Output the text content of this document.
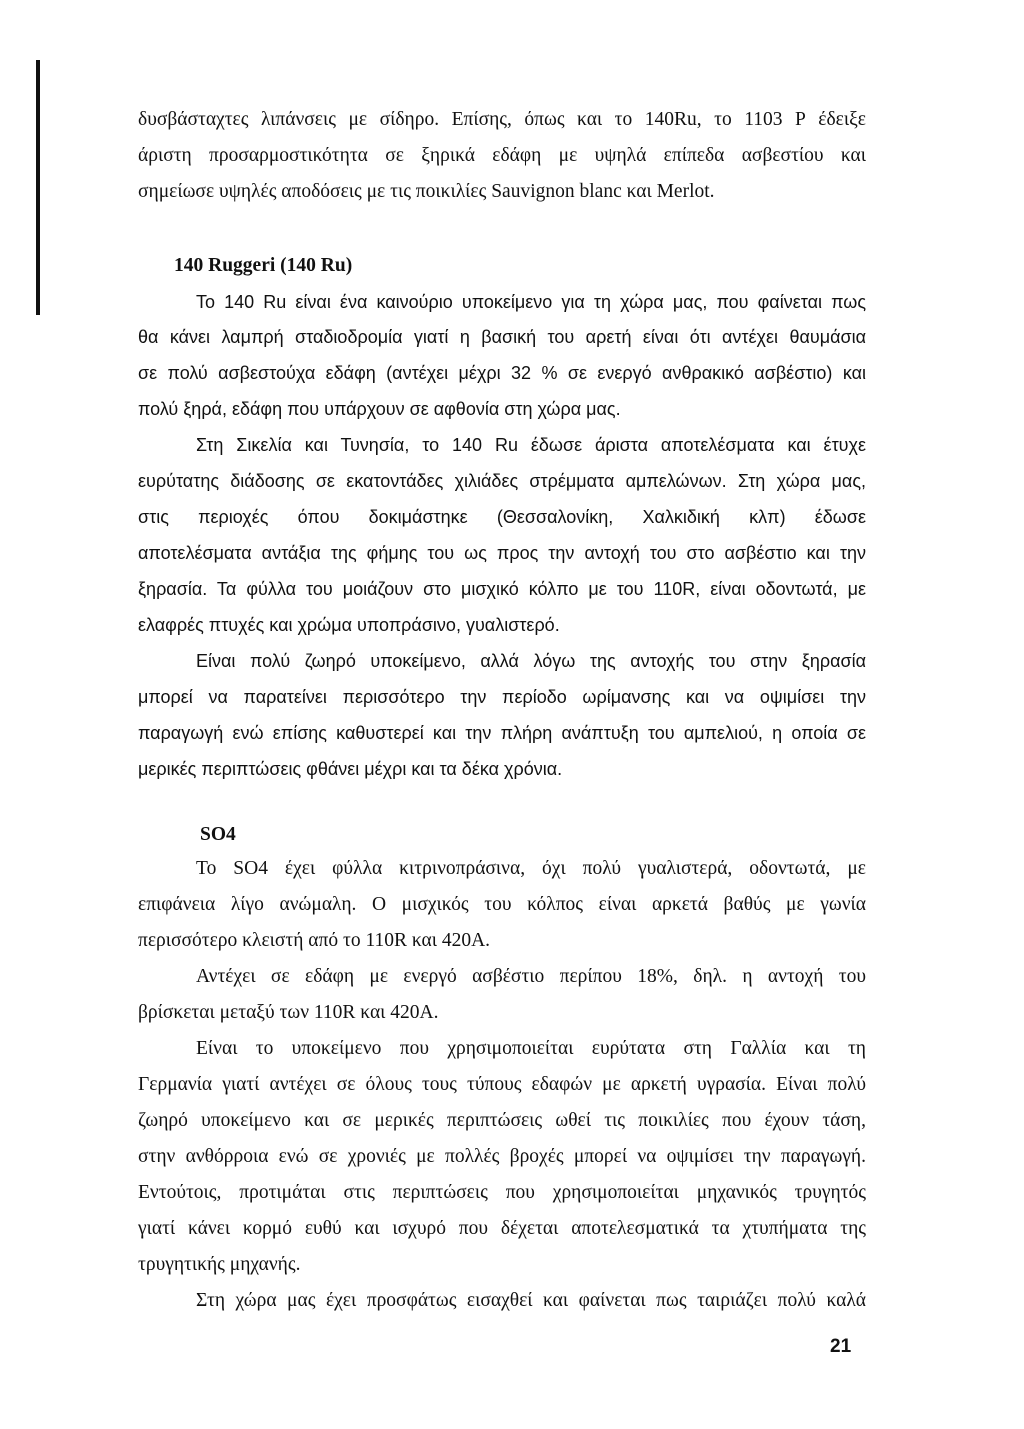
δυσβάσταχτες λιπάνσεις με σίδηρο. Επίσης, όπως και το 140Ru, το 1103 Ρ έδειξε
άριστη προσαρμοστικότητα σε ξηρικά εδάφη με υψηλά επίπεδα ασβεστίου και
σημείωσε υψηλές αποδόσεις με τις ποικιλίες Sauvignon blanc και Merlot.
140 Ruggeri (140 Ru)
Το 140 Ru είναι ένα καινούριο υποκείμενο για τη χώρα μας, που φαίνεται πως
θα κάνει λαμπρή σταδιοδρομία γιατί η βασική του αρετή είναι ότι αντέχει θαυμάσια
σε πολύ ασβεστούχα εδάφη (αντέχει μέχρι 32 % σε ενεργό ανθρακικό ασβέστιο) και
πολύ ξηρά, εδάφη που υπάρχουν σε αφθονία στη χώρα μας.
Στη Σικελία και Τυνησία, το 140 Ru έδωσε άριστα αποτελέσματα και έτυχε
ευρύτατης διάδοσης σε εκατοντάδες χιλιάδες στρέμματα αμπελώνων. Στη χώρα μας,
στις περιοχές όπου δοκιμάστηκε (Θεσσαλονίκη, Χαλκιδική κλπ) έδωσε
αποτελέσματα αντάξια της φήμης του ως προς την αντοχή του στο ασβέστιο και την
ξηρασία. Τα φύλλα του μοιάζουν στο μισχικό κόλπο με του 110R, είναι οδοντωτά, με
ελαφρές πτυχές και χρώμα υποπράσινο, γυαλιστερό.
Είναι πολύ ζωηρό υποκείμενο, αλλά λόγω της αντοχής του στην ξηρασία
μπορεί να παρατείνει περισσότερο την περίοδο ωρίμανσης και να οψιμίσει την
παραγωγή ενώ επίσης καθυστερεί και την πλήρη ανάπτυξη του αμπελιού, η οποία σε
μερικές περιπτώσεις φθάνει μέχρι και τα δέκα χρόνια.
SO4
Το SO4 έχει φύλλα κιτρινοπράσινα, όχι πολύ γυαλιστερά, οδοντωτά, με
επιφάνεια λίγο ανώμαλη. Ο μισχικός του κόλπος είναι αρκετά βαθύς με γωνία
περισσότερο κλειστή από το 110R και 420A.
Αντέχει σε εδάφη με ενεργό ασβέστιο περίπου 18%, δηλ. η αντοχή του
βρίσκεται μεταξύ των 110R και 420A.
Είναι το υποκείμενο που χρησιμοποιείται ευρύτατα στη Γαλλία και τη
Γερμανία γιατί αντέχει σε όλους τους τύπους εδαφών με αρκετή υγρασία. Είναι πολύ
ζωηρό υποκείμενο και σε μερικές περιπτώσεις ωθεί τις ποικιλίες που έχουν τάση,
στην ανθόρροια ενώ σε χρονιές με πολλές βροχές μπορεί να οψιμίσει την παραγωγή.
Εντούτοις, προτιμάται στις περιπτώσεις που χρησιμοποιείται μηχανικός τρυγητός
γιατί κάνει κορμό ευθύ και ισχυρό που δέχεται αποτελεσματικά τα χτυπήματα της
τρυγητικής μηχανής.
Στη χώρα μας έχει προσφάτως εισαχθεί και φαίνεται πως ταιριάζει πολύ καλά
21
